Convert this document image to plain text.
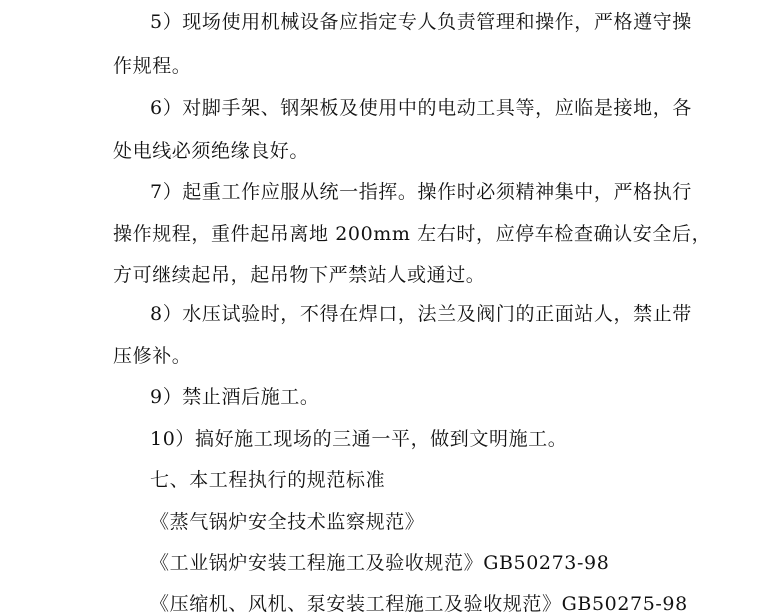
5）现场使用机械设备应指定专人负责管理和操作，严格遵守操
作规程。
6）对脚手架、钢架板及使用中的电动工具等，应临是接地，各
处电线必须绝缘良好。
7）起重工作应服从统一指挥。操作时必须精神集中，严格执行
操作规程，重件起吊离地 200mm 左右时，应停车检查确认安全后，
方可继续起吊，起吊物下严禁站人或通过。
8）水压试验时，不得在焊口，法兰及阀门的正面站人，禁止带
压修补。
9）禁止酒后施工。
10）搞好施工现场的三通一平，做到文明施工。
七、本工程执行的规范标准
《蒸气锅炉安全技术监察规范》
《工业锅炉安装工程施工及验收规范》GB50273-98
《压缩机、风机、泵安装工程施工及验收规范》GB50275-98
